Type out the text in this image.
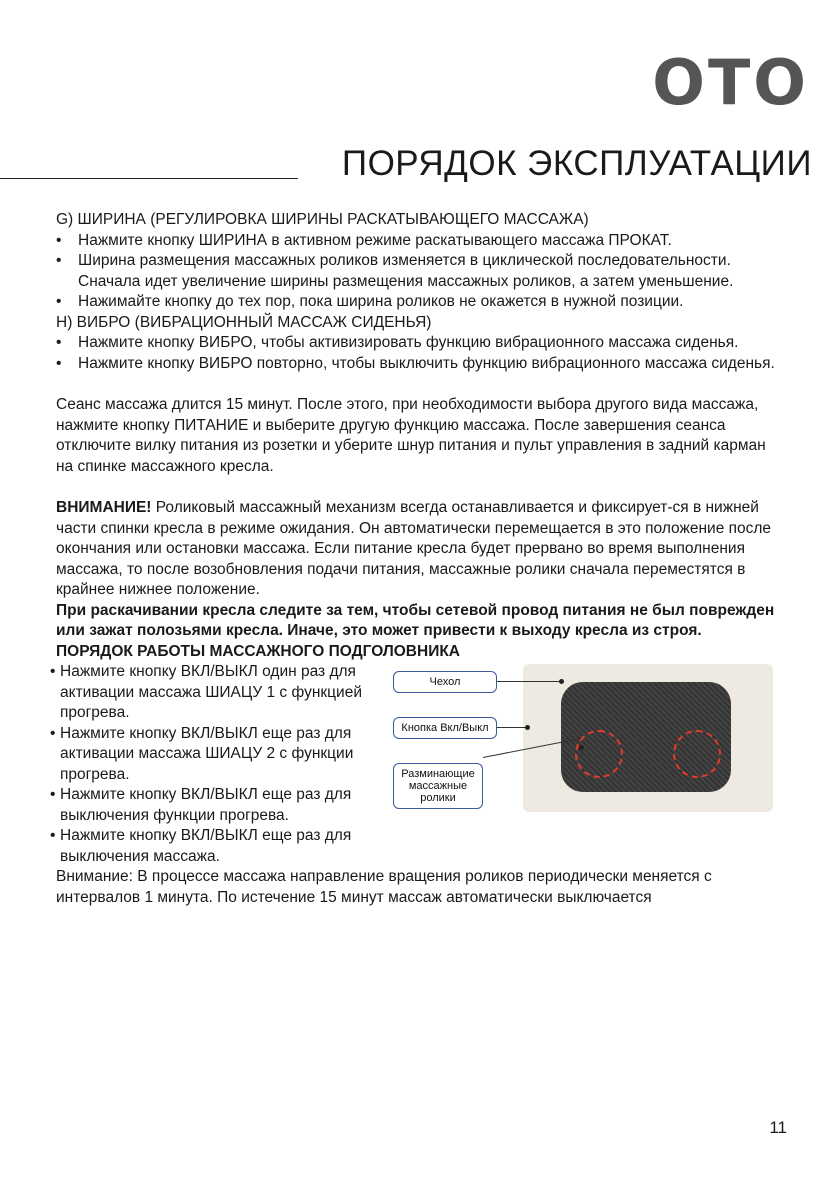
OTO
ПОРЯДОК ЭКСПЛУАТАЦИИ

G) ШИРИНА (РЕГУЛИРОВКА ШИРИНЫ РАСКАТЫВАЮЩЕГО МАССАЖА)

•	Нажмите кнопку ШИРИНА в активном режиме раскатывающего массажа ПРОКАТ.
•	Ширина размещения массажных роликов изменяется в циклической последовательности. Сначала идет увеличение ширины размещения массажных роликов, а затем уменьшение.
•	Нажимайте кнопку до тех пор, пока ширина роликов не окажется в нужной позиции.

H) ВИБРО (ВИБРАЦИОННЫЙ МАССАЖ СИДЕНЬЯ)

•	Нажмите кнопку ВИБРО, чтобы активизировать функцию вибрационного массажа сиденья.
•	Нажмите кнопку ВИБРО повторно, чтобы выключить функцию вибрационного массажа сиденья.

Сеанс массажа длится 15 минут. После этого, при необходимости выбора другого вида массажа, нажмите кнопку ПИТАНИЕ и выберите другую функцию массажа. После завершения сеанса отключите вилку питания из розетки и уберите шнур питания и пульт управления в задний карман на спинке массажного кресла.

ВНИМАНИЕ! Роликовый массажный механизм всегда останавливается и фиксирует-ся в нижней части спинки кресла в режиме ожидания. Он автоматически перемещается в это положение после окончания или остановки массажа. Если питание кресла будет прервано во время выполнения массажа, то после возобновления подачи питания, массажные ролики сначала переместятся в крайнее нижнее положение.

При раскачивании кресла следите за тем, чтобы сетевой провод питания не был поврежден или зажат полозьями кресла. Иначе, это может привести к выходу кресла из строя.

ПОРЯДОК РАБОТЫ МАССАЖНОГО ПОДГОЛОВНИКА

• Нажмите кнопку ВКЛ/ВЫКЛ один раз для активации массажа ШИАЦУ 1 с функцией прогрева.
• Нажмите кнопку ВКЛ/ВЫКЛ еще раз для активации массажа ШИАЦУ 2 с функции прогрева.
• Нажмите кнопку ВКЛ/ВЫКЛ еще раз для выключения функции прогрева.
• Нажмите кнопку ВКЛ/ВЫКЛ еще раз для выключения массажа.
Чехол
Кнопка Вкл/Выкл
Разминающие массажные ролики

Внимание: В процессе массажа направление вращения роликов периодически меняется с интервалов 1 минута. По истечение 15 минут массаж автоматически выключается

11
